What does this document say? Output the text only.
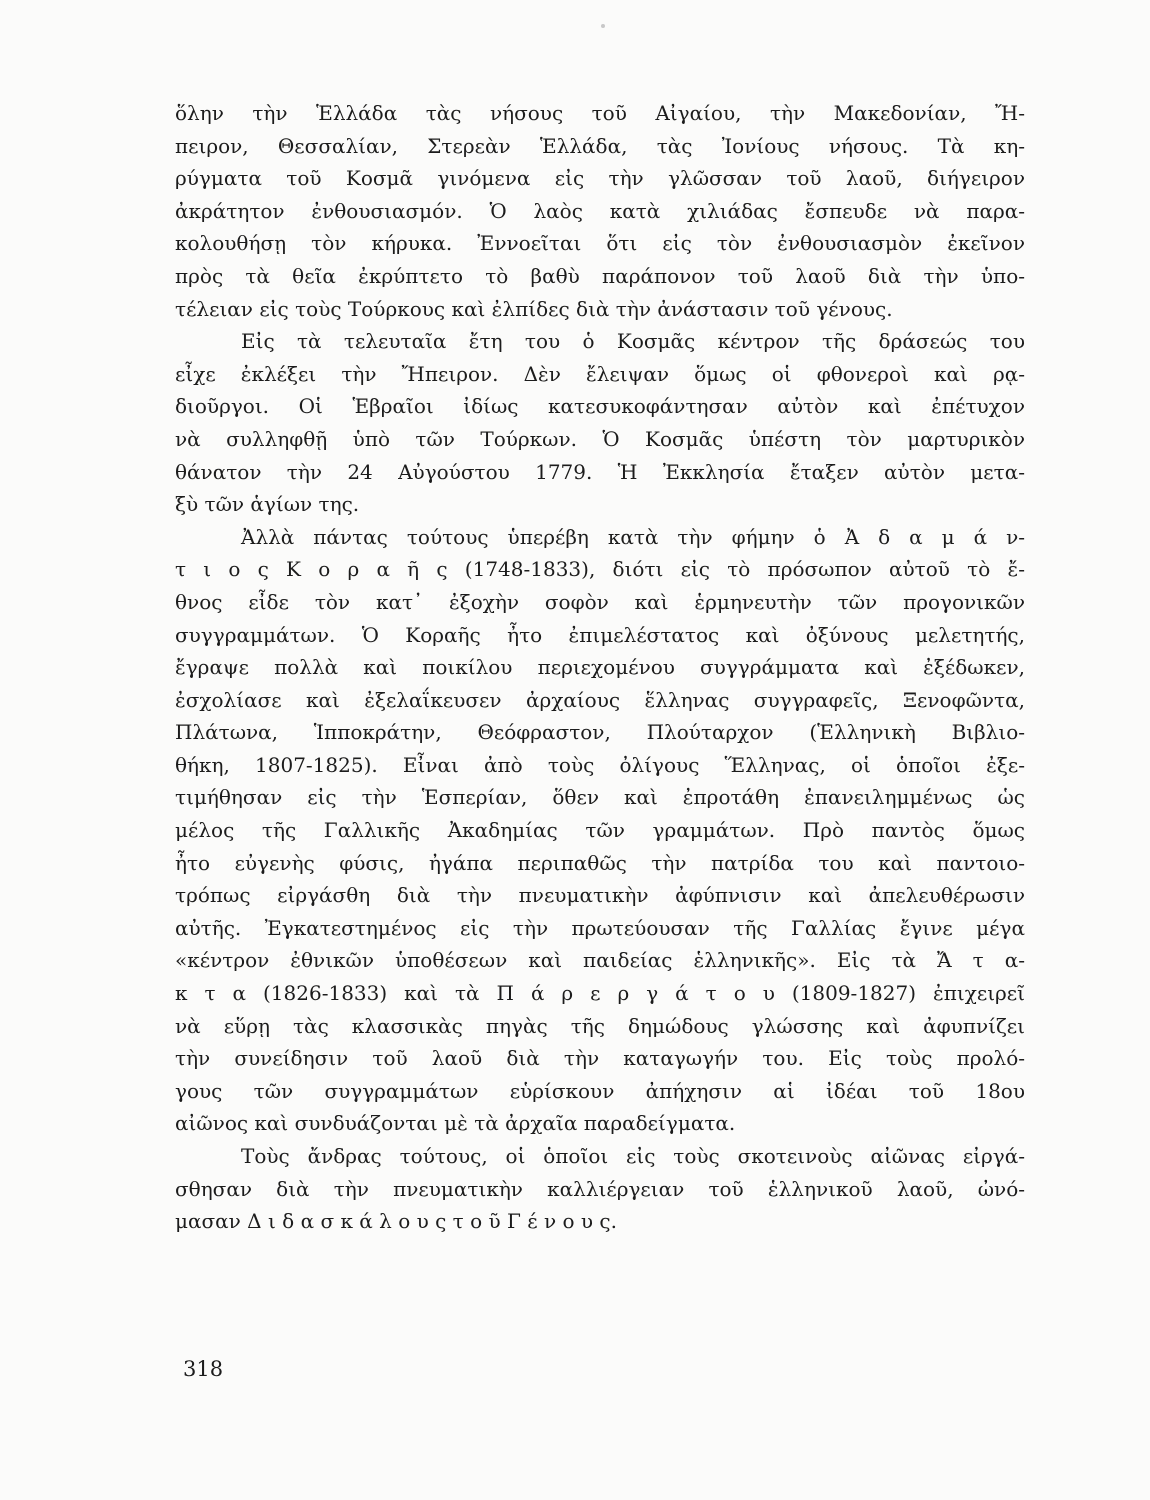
ὅλην τὴν Ἑλλάδα τὰς νήσους τοῦ Αἰγαίου, τὴν Μακεδονίαν, Ἤ-
πειρον, Θεσσαλίαν, Στερεὰν Ἑλλάδα, τὰς Ἰονίους νήσους. Τὰ κη-
ρύγματα τοῦ Κοσμᾶ γινόμενα εἰς τὴν γλῶσσαν τοῦ λαοῦ, διήγειρον
ἀκράτητον ἐνθουσιασμόν. Ὁ λαὸς κατὰ χιλιάδας ἔσπευδε νὰ παρα-
κολουθήσῃ τὸν κήρυκα. Ἐννοεῖται ὅτι εἰς τὸν ἐνθουσιασμὸν ἐκεῖνον
πρὸς τὰ θεῖα ἐκρύπτετο τὸ βαθὺ παράπονον τοῦ λαοῦ διὰ τὴν ὑπο-
τέλειαν εἰς τοὺς Τούρκους καὶ ἐλπίδες διὰ τὴν ἀνάστασιν τοῦ γένους.
Εἰς τὰ τελευταῖα ἔτη του ὁ Κοσμᾶς κέντρον τῆς δράσεώς του
εἶχε ἐκλέξει τὴν Ἤπειρον. Δὲν ἔλειψαν ὅμως οἱ φθονεροὶ καὶ ρᾳ-
διοῦργοι. Οἱ Ἑβραῖοι ἰδίως κατεσυκοφάντησαν αὐτὸν καὶ ἐπέτυχον
νὰ συλληφθῇ ὑπὸ τῶν Τούρκων. Ὁ Κοσμᾶς ὑπέστη τὸν μαρτυρικὸν
θάνατον τὴν 24 Αὐγούστου 1779. Ἡ Ἐκκλησία ἔταξεν αὐτὸν μετα-
ξὺ τῶν ἁγίων της.
Ἀλλὰ πάντας τούτους ὑπερέβη κατὰ τὴν φήμην ὁ Ἀ δ α μ ά ν-
τ ι ο ς Κ ο ρ α ῆ ς (1748-1833), διότι εἰς τὸ πρόσωπον αὐτοῦ τὸ ἔ-
θνος εἶδε τὸν κατ᾽ ἐξοχὴν σοφὸν καὶ ἑρμηνευτὴν τῶν προγονικῶν
συγγραμμάτων. Ὁ Κοραῆς ἦτο ἐπιμελέστατος καὶ ὀξύνους μελετητής,
ἔγραψε πολλὰ καὶ ποικίλου περιεχομένου συγγράμματα καὶ ἐξέδωκεν,
ἐσχολίασε καὶ ἐξελαΐκευσεν ἀρχαίους ἕλληνας συγγραφεῖς, Ξενοφῶντα,
Πλάτωνα, Ἱπποκράτην, Θεόφραστον, Πλούταρχον (Ἑλληνικὴ Βιβλιο-
θήκη, 1807-1825). Εἶναι ἀπὸ τοὺς ὀλίγους Ἕλληνας, οἱ ὁποῖοι ἐξε-
τιμήθησαν εἰς τὴν Ἑσπερίαν, ὅθεν καὶ ἐπροτάθη ἐπανειλημμένως ὡς
μέλος τῆς Γαλλικῆς Ἀκαδημίας τῶν γραμμάτων. Πρὸ παντὸς ὅμως
ἦτο εὐγενὴς φύσις, ἠγάπα περιπαθῶς τὴν πατρίδα του καὶ παντοιο-
τρόπως εἰργάσθη διὰ τὴν πνευματικὴν ἀφύπνισιν καὶ ἀπελευθέρωσιν
αὐτῆς. Ἐγκατεστημένος εἰς τὴν πρωτεύουσαν τῆς Γαλλίας ἔγινε μέγα
«κέντρον ἐθνικῶν ὑποθέσεων καὶ παιδείας ἑλληνικῆς». Εἰς τὰ Ἄ τ α-
κ τ α (1826-1833) καὶ τὰ Π ά ρ ε ρ γ ά τ ο υ (1809-1827) ἐπιχειρεῖ
νὰ εὕρῃ τὰς κλασσικὰς πηγὰς τῆς δημώδους γλώσσης καὶ ἀφυπνίζει
τὴν συνείδησιν τοῦ λαοῦ διὰ τὴν καταγωγήν του. Εἰς τοὺς προλό-
γους τῶν συγγραμμάτων εὑρίσκουν ἀπήχησιν αἱ ἰδέαι τοῦ 18ου
αἰῶνος καὶ συνδυάζονται μὲ τὰ ἀρχαῖα παραδείγματα.
Τοὺς ἄνδρας τούτους, οἱ ὁποῖοι εἰς τοὺς σκοτεινοὺς αἰῶνας εἰργά-
σθησαν διὰ τὴν πνευματικὴν καλλιέργειαν τοῦ ἑλληνικοῦ λαοῦ, ὠνό-
μασαν Δ ι δ α σ κ ά λ ο υ ς τ ο ῦ Γ έ ν ο υ ς.
318
